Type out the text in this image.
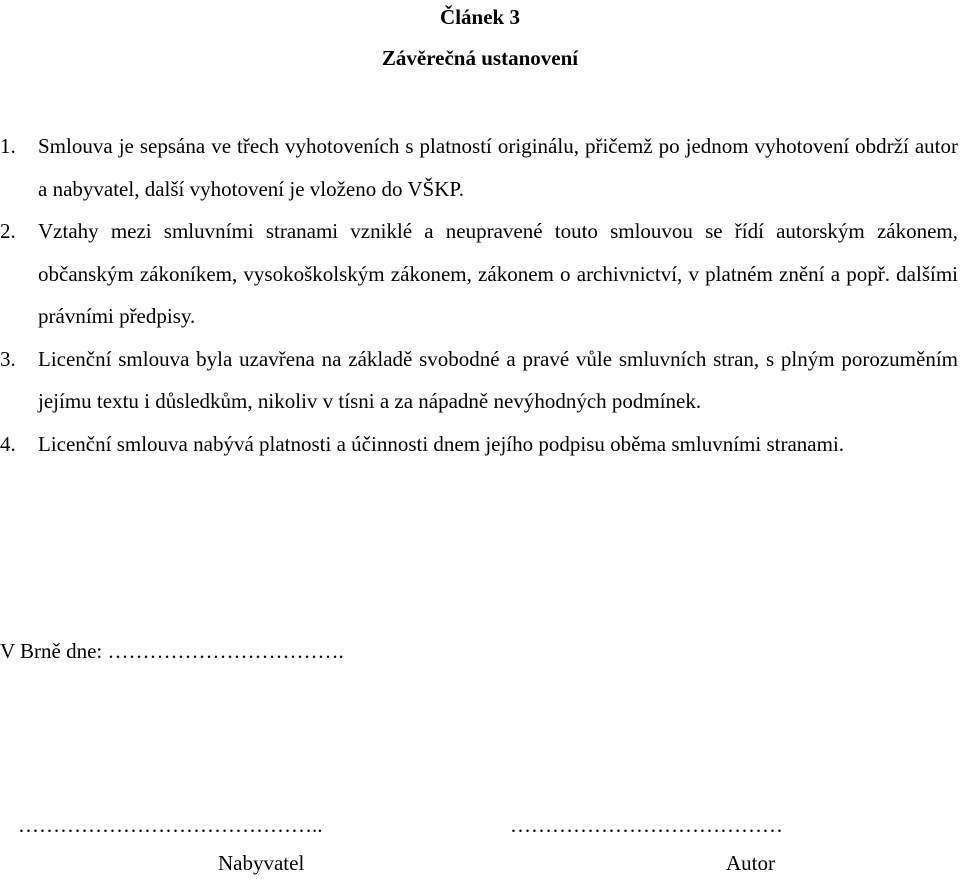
Článek 3
Závěrečná ustanovení
1. Smlouva je sepsána ve třech vyhotoveních s platností originálu, přičemž po jednom vyhotovení obdrží autor a nabyvatel, další vyhotovení je vloženo do VŠKP.
2. Vztahy mezi smluvními stranami vzniklé a neupravené touto smlouvou se řídí autorským zákonem, občanským zákoníkem, vysokoškolským zákonem, zákonem o archivnictví, v platném znění a popř. dalšími právními předpisy.
3. Licenční smlouva byla uzavřena na základě svobodné a pravé vůle smluvních stran, s plným porozuměním jejímu textu i důsledkům, nikoliv v tísni a za nápadně nevýhodných podmínek.
4. Licenční smlouva nabývá platnosti a účinnosti dnem jejího podpisu oběma smluvními stranami.
V Brně dne: …………………………….
……………………………………..	…………………………………
Nabyvatel	Autor
